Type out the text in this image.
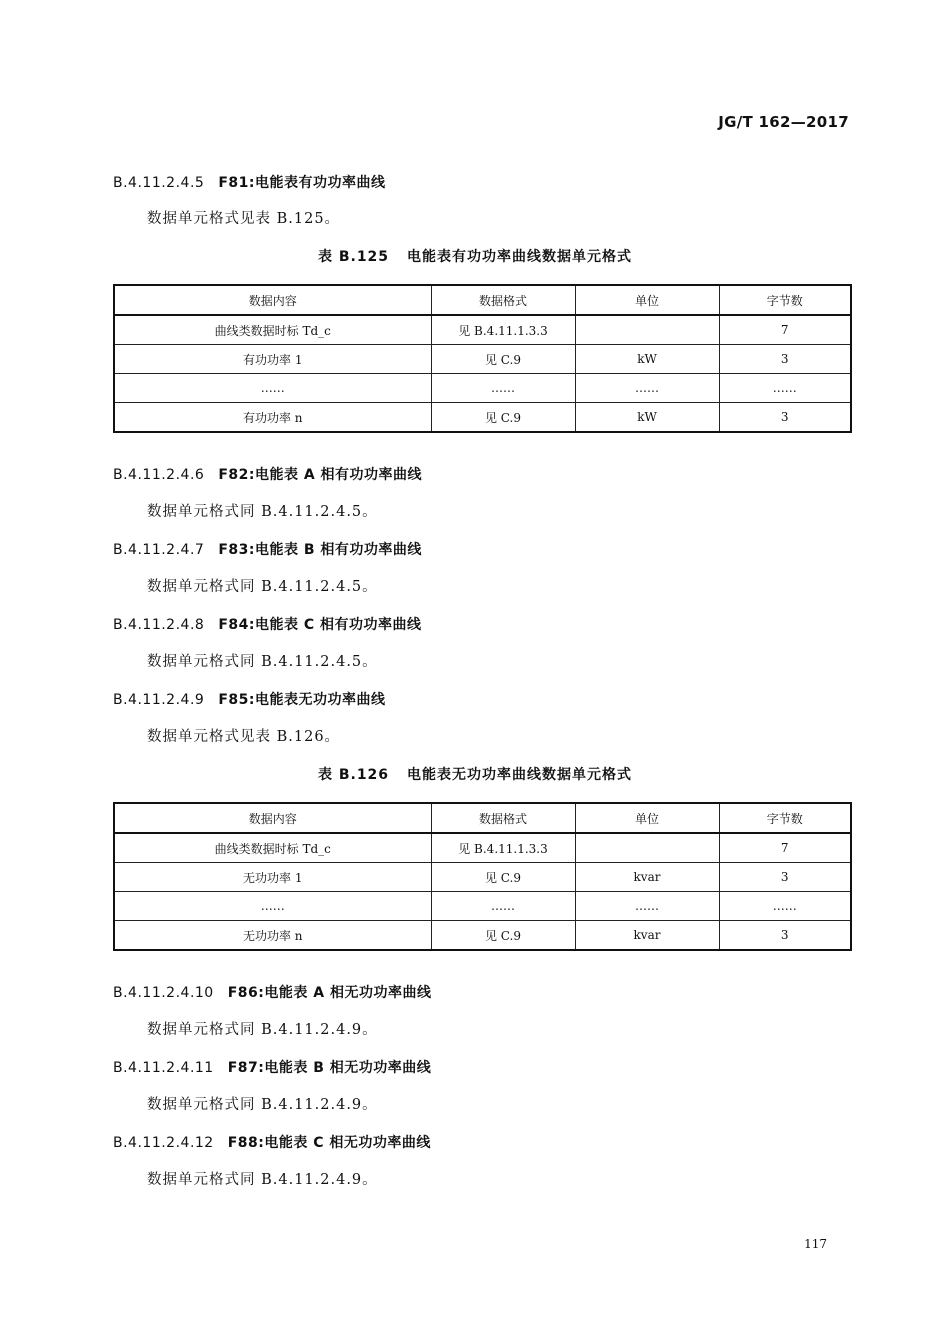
JG/T 162—2017
B.4.11.2.4.5 F81:电能表有功功率曲线
数据单元格式见表 B.125。
表 B.125 电能表有功功率曲线数据单元格式
数据内容	数据格式	单位	字节数
曲线类数据时标 Td_c	见 B.4.11.1.3.3		7
有功功率 1	见 C.9	kW	3
……	……	……	……
有功功率 n	见 C.9	kW	3
B.4.11.2.4.6 F82:电能表 A 相有功功率曲线
数据单元格式同 B.4.11.2.4.5。
B.4.11.2.4.7 F83:电能表 B 相有功功率曲线
数据单元格式同 B.4.11.2.4.5。
B.4.11.2.4.8 F84:电能表 C 相有功功率曲线
数据单元格式同 B.4.11.2.4.5。
B.4.11.2.4.9 F85:电能表无功功率曲线
数据单元格式见表 B.126。
表 B.126 电能表无功功率曲线数据单元格式
数据内容	数据格式	单位	字节数
曲线类数据时标 Td_c	见 B.4.11.1.3.3		7
无功功率 1	见 C.9	kvar	3
……	……	……	……
无功功率 n	见 C.9	kvar	3
B.4.11.2.4.10 F86:电能表 A 相无功功率曲线
数据单元格式同 B.4.11.2.4.9。
B.4.11.2.4.11 F87:电能表 B 相无功功率曲线
数据单元格式同 B.4.11.2.4.9。
B.4.11.2.4.12 F88:电能表 C 相无功功率曲线
数据单元格式同 B.4.11.2.4.9。
117
